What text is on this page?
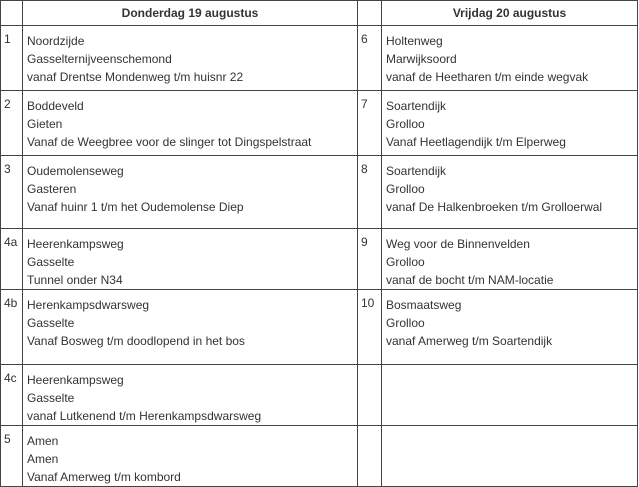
	Donderdag 19 augustus		Vrijdag 20 augustus
1	Noordzijde
Gasselternijveenschemond
vanaf Drentse Mondenweg t/m huisnr 22	6	Holtenweg
Marwijksoord
vanaf de Heetharen t/m einde wegvak

2	Boddeveld
Gieten
Vanaf de Weegbree voor de slinger tot Dingspelstraat	7	Soartendijk
Grolloo
Vanaf Heetlagendijk t/m Elperweg

3	Oudemolenseweg
Gasteren
Vanaf huinr 1 t/m het Oudemolense Diep	8	Soartendijk
Grolloo
vanaf De Halkenbroeken t/m Grolloerwal

4a	Heerenkampsweg
Gasselte
Tunnel onder N34	9	Weg voor de Binnenvelden
Grolloo
vanaf de bocht t/m NAM-locatie

4b	Herenkampsdwarsweg
Gasselte
Vanaf Bosweg t/m doodlopend in het bos	10	Bosmaatsweg
Grolloo
vanaf Amerweg t/m Soartendijk

4c	Heerenkampsweg
Gasselte
vanaf Lutkenend t/m Herenkampsdwarsweg		

5	Amen
Amen
Vanaf Amerweg t/m kombord		
